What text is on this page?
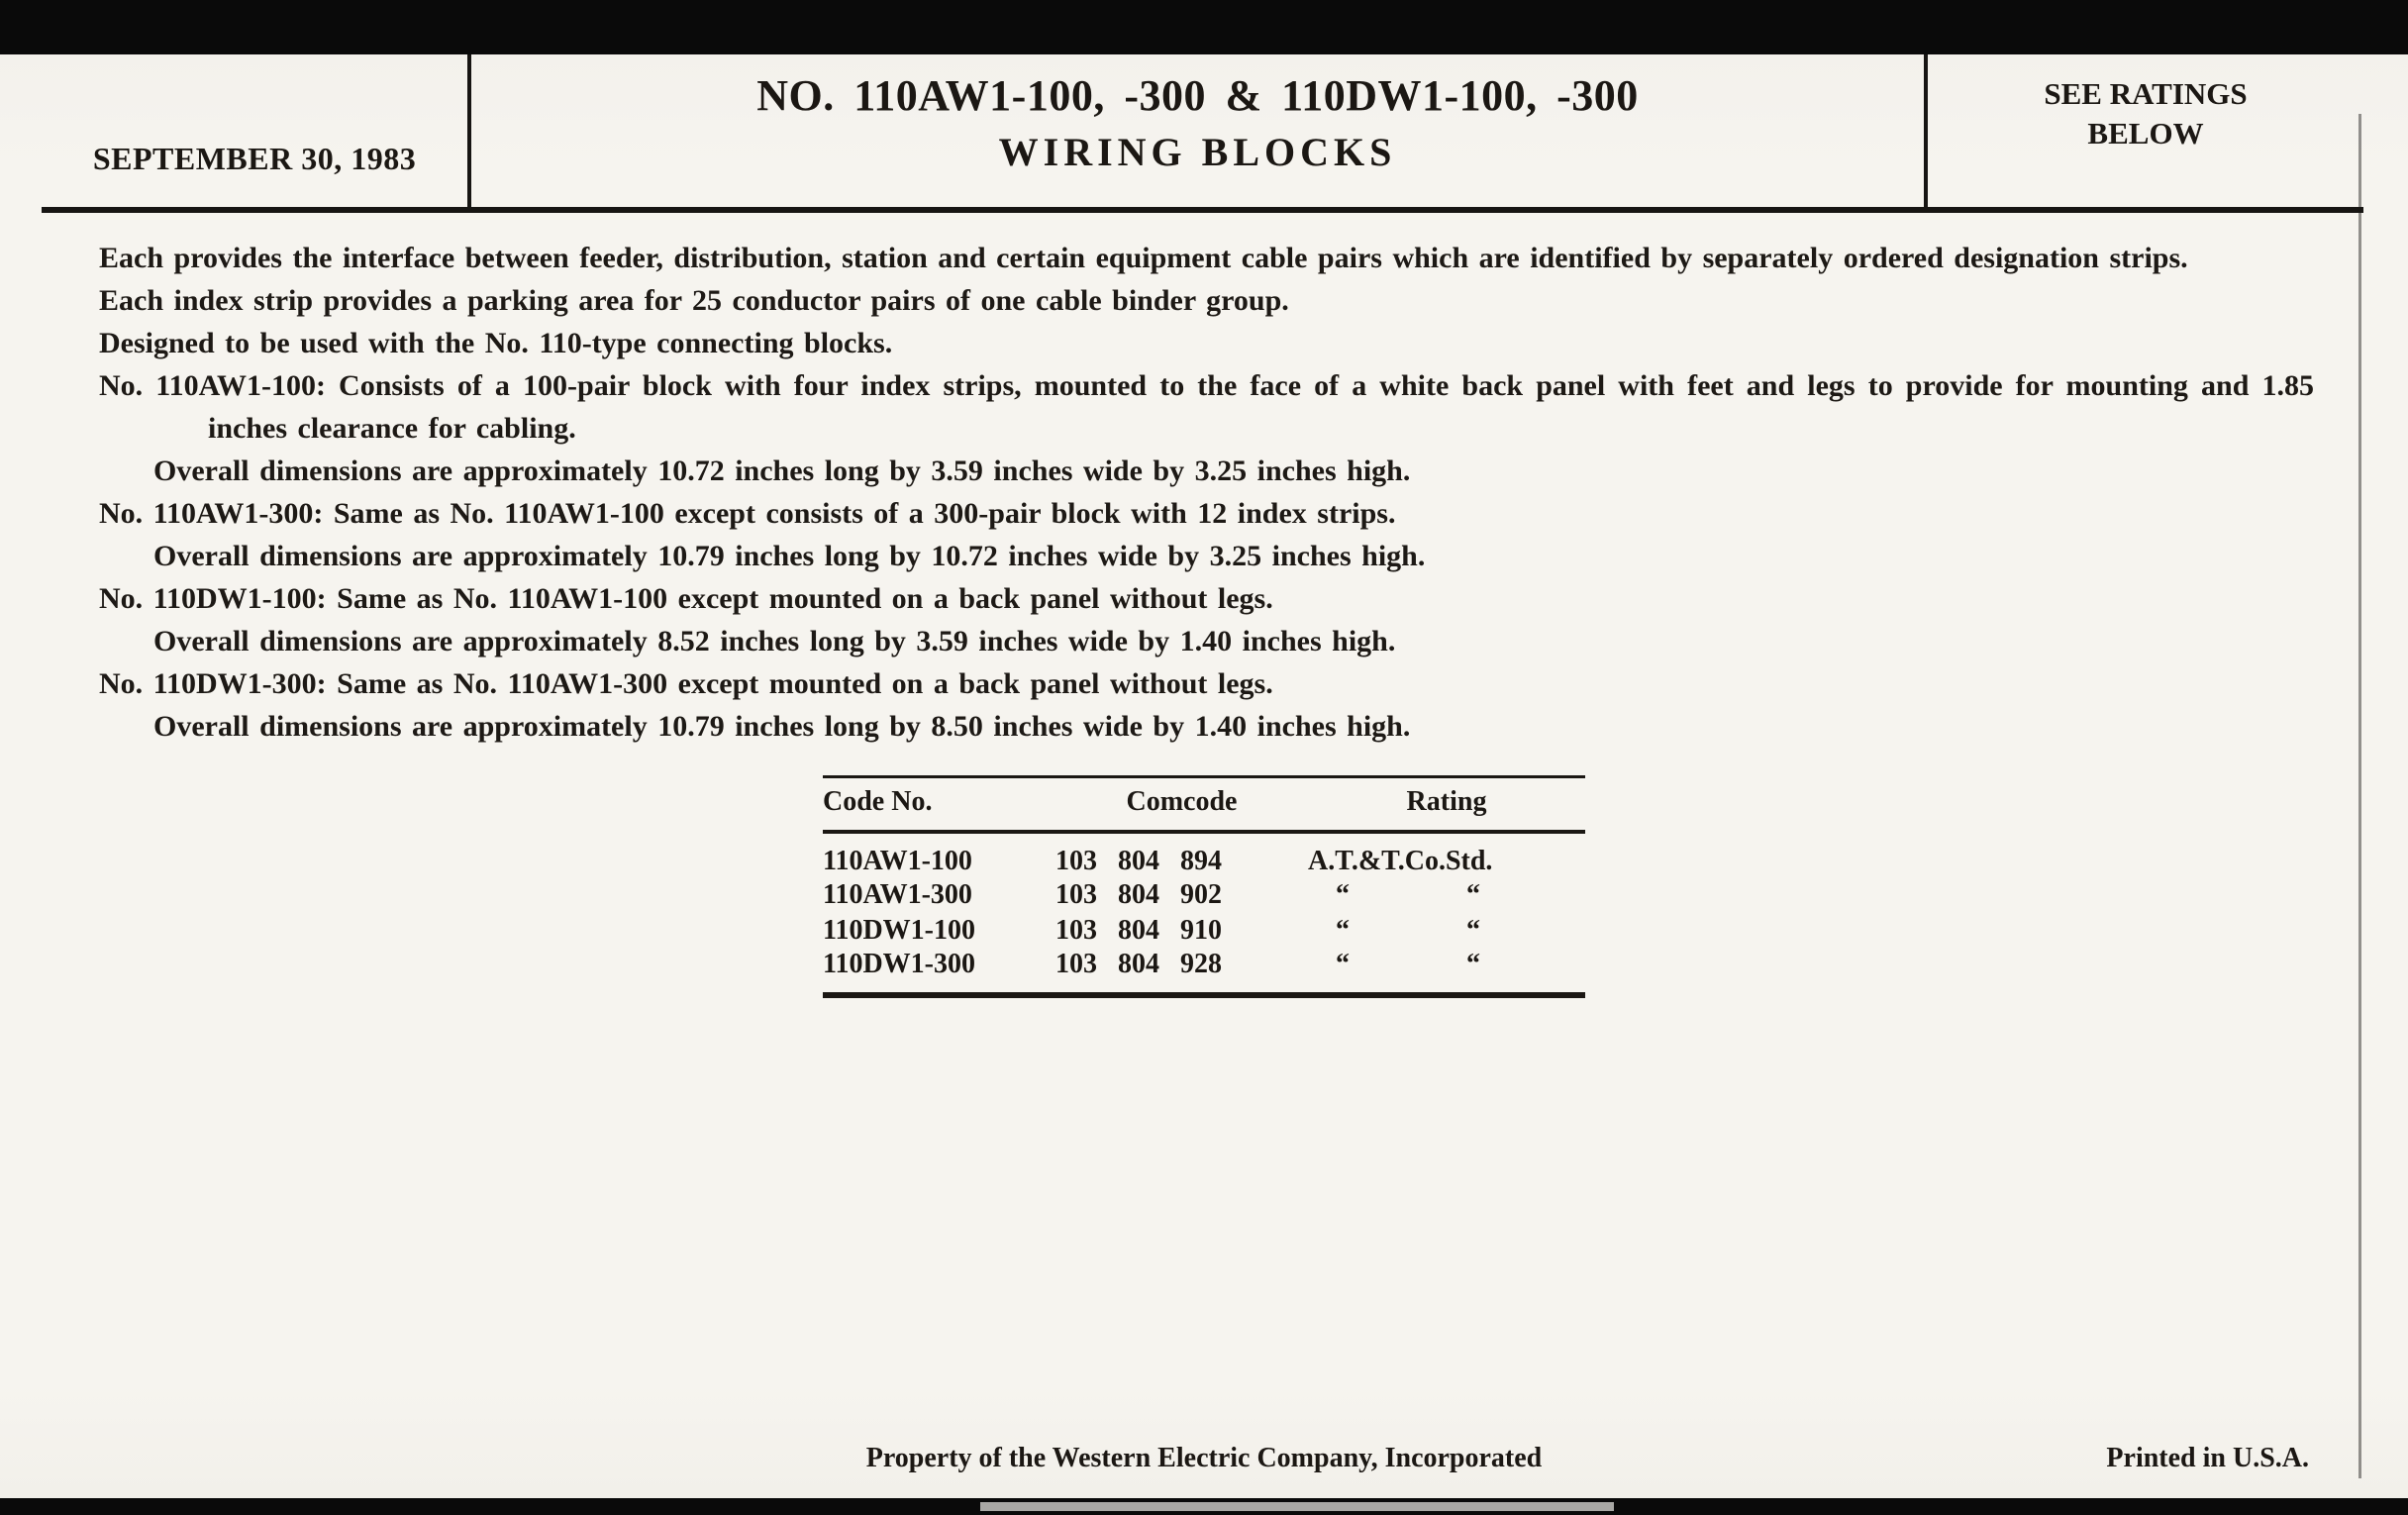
SEPTEMBER 30, 1983
NO. 110AW1-100, -300 & 110DW1-100, -300
WIRING BLOCKS
SEE RATINGS
BELOW

Each provides the interface between feeder, distribution, station and certain equipment cable pairs which are identified by separately ordered designation strips.

Each index strip provides a parking area for 25 conductor pairs of one cable binder group.

Designed to be used with the No. 110-type connecting blocks.

No. 110AW1-100: Consists of a 100-pair block with four index strips, mounted to the face of a white back panel with feet and legs to provide for mounting and 1.85 inches clearance for cabling.

Overall dimensions are approximately 10.72 inches long by 3.59 inches wide by 3.25 inches high.

No. 110AW1-300: Same as No. 110AW1-100 except consists of a 300-pair block with 12 index strips.

Overall dimensions are approximately 10.79 inches long by 10.72 inches wide by 3.25 inches high.

No. 110DW1-100: Same as No. 110AW1-100 except mounted on a back panel without legs.

Overall dimensions are approximately 8.52 inches long by 3.59 inches wide by 1.40 inches high.

No. 110DW1-300: Same as No. 110AW1-300 except mounted on a back panel without legs.

Overall dimensions are approximately 10.79 inches long by 8.50 inches wide by 1.40 inches high.

Code No.	Comcode	Rating
110AW1-100	103 804 894	A.T.&T.Co.Std.
110AW1-300	103 804 902	“ “
110DW1-100	103 804 910	“ “
110DW1-300	103 804 928	“ “
Property of the Western Electric Company, Incorporated	Printed in U.S.A.
